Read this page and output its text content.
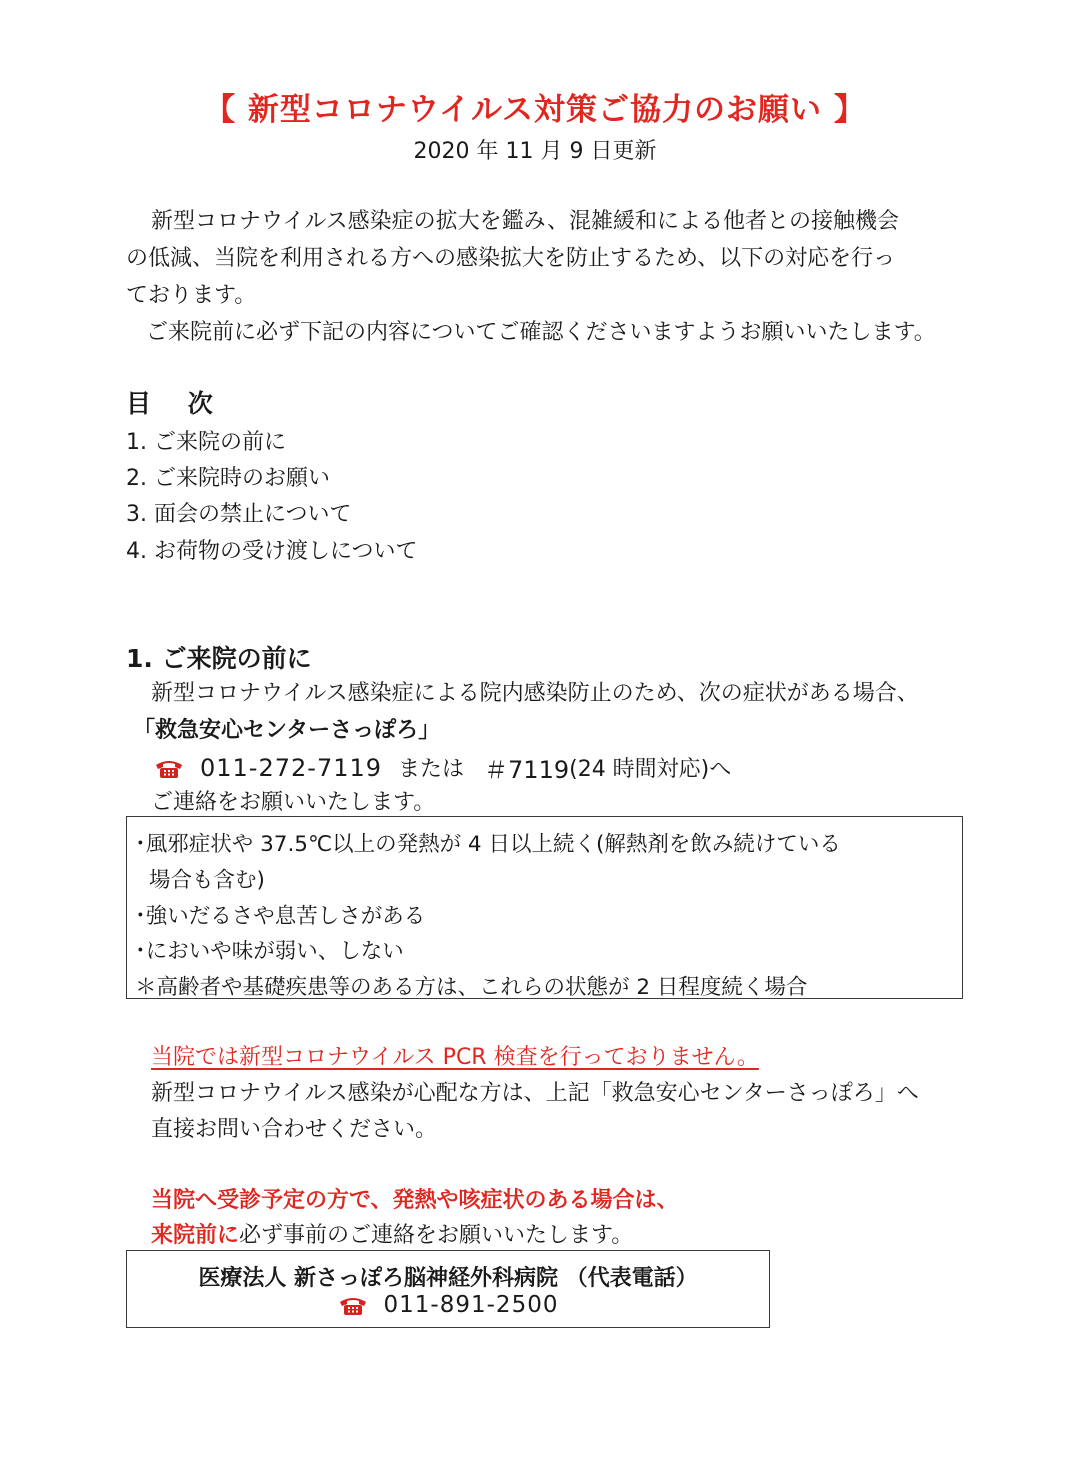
【 新型コロナウイルス対策ご協力のお願い 】
2020 年 11 月 9 日更新
新型コロナウイルス感染症の拡大を鑑み、混雑緩和による他者との接触機会
の低減、当院を利用される方への感染拡大を防止するため、以下の対応を行っ
ております。
ご来院前に必ず下記の内容についてご確認くださいますようお願いいたします。
目 次
1. ご来院の前に
2. ご来院時のお願い
3. 面会の禁止について
4. お荷物の受け渡しについて
1. ご来院の前に
新型コロナウイルス感染症による院内感染防止のため、次の症状がある場合、
「救急安心センターさっぽろ」
011-272-7119 または ＃7119 (24 時間対応) へ
ご連絡をお願いいたします。
･風邪症状や 37.5℃以上の発熱が 4 日以上続く(解熱剤を飲み続けている
場合も含む)
･強いだるさや息苦しさがある
･においや味が弱い、しない
＊高齢者や基礎疾患等のある方は、これらの状態が 2 日程度続く場合
当院では新型コロナウイルス PCR 検査を行っておりません。
新型コロナウイルス感染が心配な方は、上記「救急安心センターさっぽろ」へ
直接お問い合わせください。
当院へ受診予定の方で、発熱や咳症状のある場合は、
来院前に必ず事前のご連絡をお願いいたします。
医療法人 新さっぽろ脳神経外科病院 （代表電話）
011-891-2500
